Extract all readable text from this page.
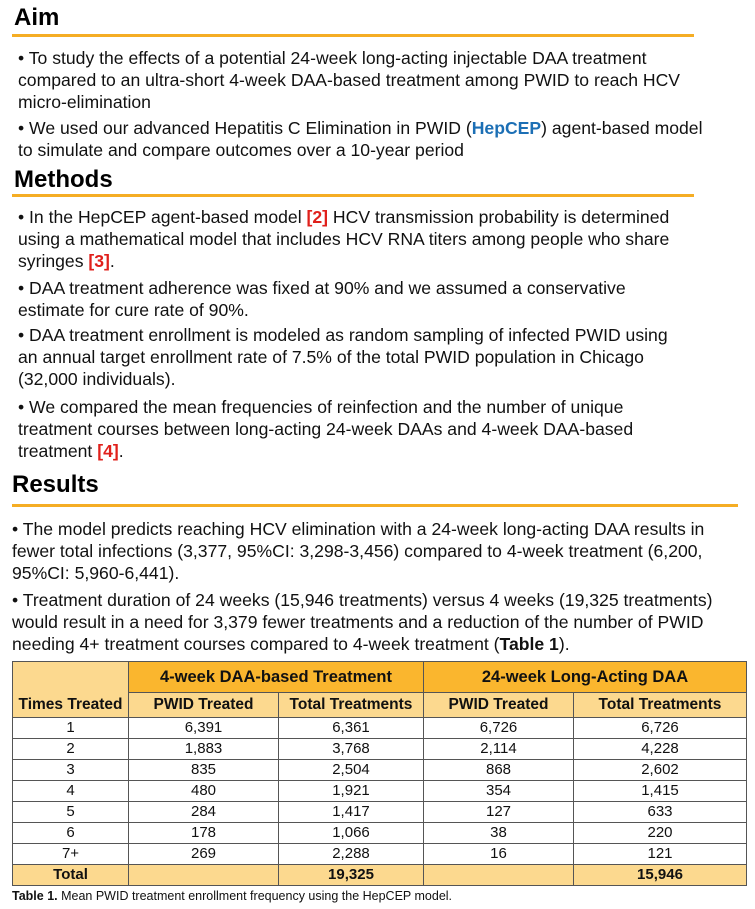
Aim

• To study the effects of a potential 24-week long-acting injectable DAA treatment compared to an ultra-short 4-week DAA-based treatment among PWID to reach HCV micro-elimination

• We used our advanced Hepatitis C Elimination in PWID (HepCEP) agent-based model to simulate and compare outcomes over a 10-year period

Methods

• In the HepCEP agent-based model [2] HCV transmission probability is determined using a mathematical model that includes HCV RNA titers among people who share syringes [3].

• DAA treatment adherence was fixed at 90% and we assumed a conservative estimate for cure rate of 90%.

• DAA treatment enrollment is modeled as random sampling of infected PWID using an annual target enrollment rate of 7.5% of the total PWID population in Chicago (32,000 individuals).

• We compared the mean frequencies of reinfection and the number of unique treatment courses between long-acting 24-week DAAs and 4-week DAA-based treatment [4].

Results

• The model predicts reaching HCV elimination with a 24-week long-acting DAA results in fewer total infections (3,377, 95%CI: 3,298-3,456) compared to 4-week treatment (6,200, 95%CI: 5,960-6,441).

• Treatment duration of 24 weeks (15,946 treatments) versus 4 weeks (19,325 treatments) would result in a need for 3,379 fewer treatments and a reduction of the number of PWID needing 4+ treatment courses compared to 4-week treatment (Table 1).

	4-week DAA-based Treatment		24-week Long-Acting DAA	
Times Treated	PWID Treated	Total Treatments	PWID Treated	Total Treatments
1	6,391	6,361	6,726	6,726
2	1,883	3,768	2,114	4,228
3	835	2,504	868	2,602
4	480	1,921	354	1,415
5	284	1,417	127	633
6	178	1,066	38	220
7+	269	2,288	16	121
Total		19,325		15,946
Table 1. Mean PWID treatment enrollment frequency using the HepCEP model.
